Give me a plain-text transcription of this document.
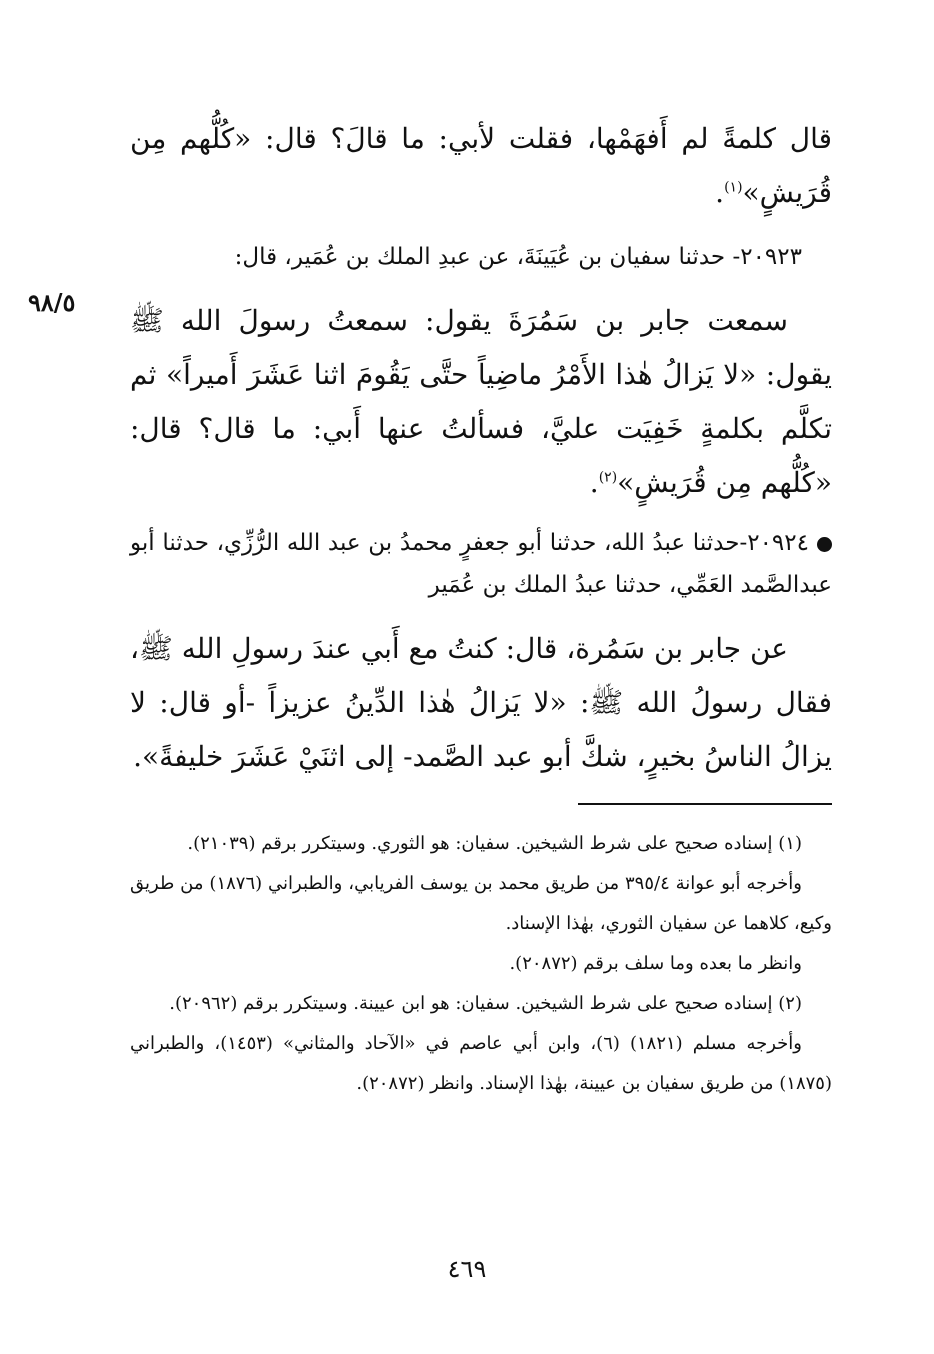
٩٨/٥

قال كلمةً لم أَفهَمْها، فقلت لأبي: ما قالَ؟ قال: «كُلُّهم مِن قُرَيشٍ»$^{(١)}$.

٢٠٩٢٣- حدثنا سفيان بن عُيَينَةَ، عن عبدِ الملك بن عُمَير، قال:

سمعت جابر بن سَمُرَةَ يقول: سمعتُ رسولَ الله ﷺ يقول: «لا يَزالُ هٰذا الأَمْرُ ماضِياً حتَّى يَقُومَ اثنا عَشَرَ أَميراً» ثم تكلَّم بكلمةٍ خَفِيَت عليَّ، فسألتُ عنها أَبي: ما قال؟ قال: «كُلُّهم مِن قُرَيشٍ»$^{(٢)}$.

٢٠٩٢٤-حدثنا عبدُ الله، حدثنا أبو جعفرٍ محمدُ بن عبد الله الرُّزِّي، حدثنا أبو عبدالصَّمد العَمِّي، حدثنا عبدُ الملك بن عُمَير

عن جابر بن سَمُرة، قال: كنتُ مع أَبي عندَ رسولِ الله ﷺ، فقال رسولُ الله ﷺ: «لا يَزالُ هٰذا الدِّينُ عزيزاً -أو قال: لا يزالُ الناسُ بخيرٍ، شكَّ أبو عبد الصَّمد- إلى اثنَيْ عَشَرَ خليفةً».

(١) إسناده صحيح على شرط الشيخين. سفيان: هو الثوري. وسيتكرر برقم (٢١٠٣٩).

وأخرجه أبو عوانة ٣٩٥/٤ من طريق محمد بن يوسف الفريابي، والطبراني (١٨٧٦) من طريق وكيع، كلاهما عن سفيان الثوري، بهٰذا الإسناد.

وانظر ما بعده وما سلف برقم (٢٠٨٧٢).

(٢) إسناده صحيح على شرط الشيخين. سفيان: هو ابن عيينة. وسيتكرر برقم (٢٠٩٦٢).

وأخرجه مسلم (١٨٢١) (٦)، وابن أبي عاصم في «الآحاد والمثاني» (١٤٥٣)، والطبراني (١٨٧٥) من طريق سفيان بن عيينة، بهٰذا الإسناد. وانظر (٢٠٨٧٢).

٤٦٩
